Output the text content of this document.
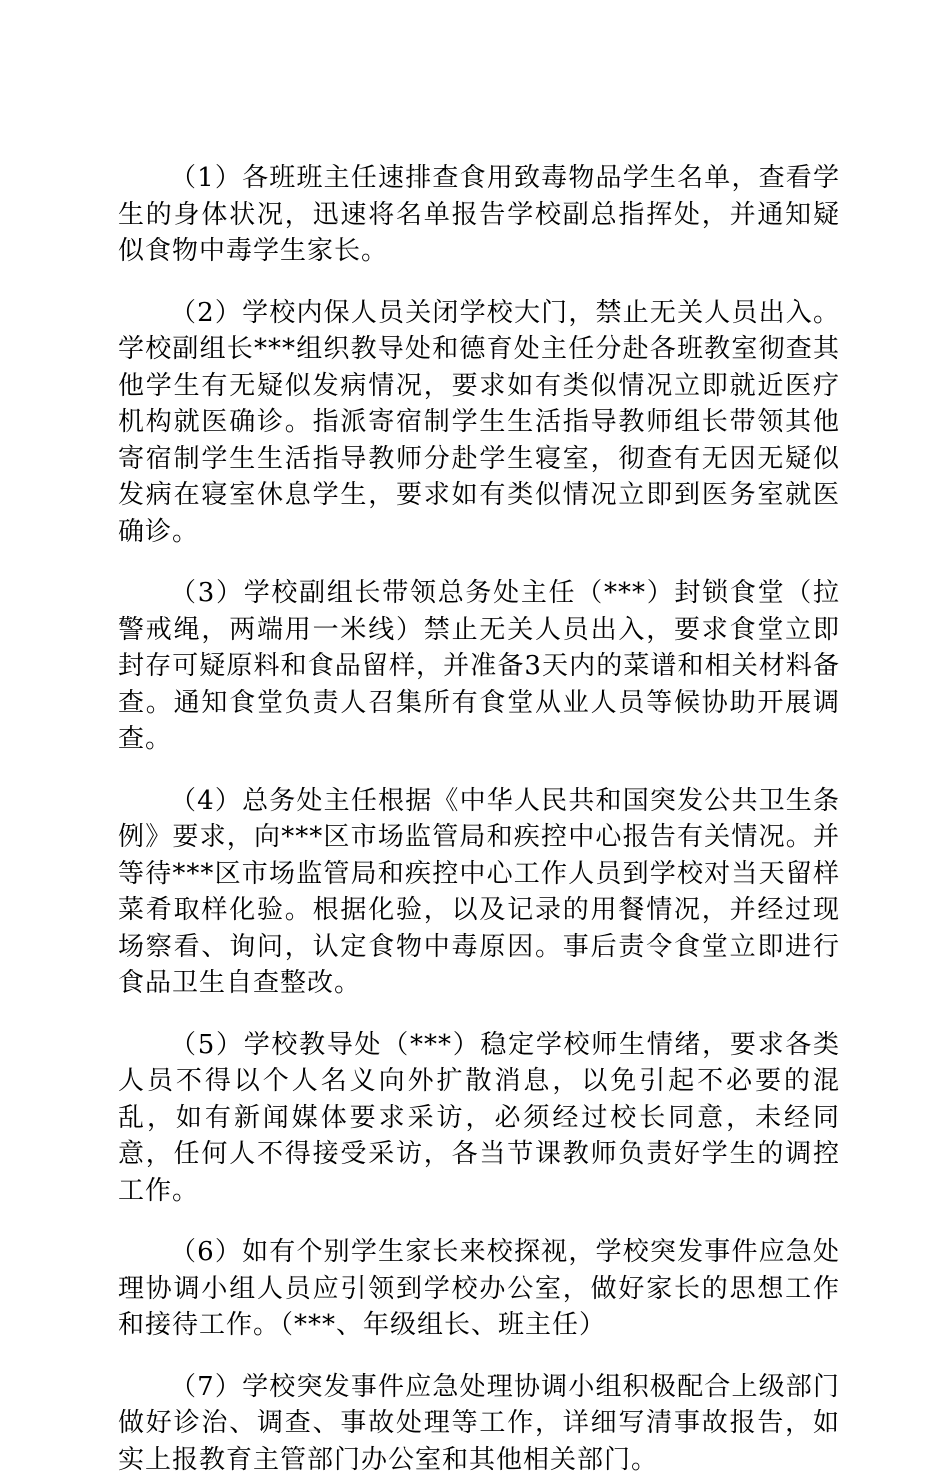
（1）各班班主任速排查食用致毒物品学生名单，查看学生的身体状况，迅速将名单报告学校副总指挥处，并通知疑似食物中毒学生家长。

（2）学校内保人员关闭学校大门，禁止无关人员出入。学校副组长***组织教导处和德育处主任分赴各班教室彻查其他学生有无疑似发病情况，要求如有类似情况立即就近医疗机构就医确诊。指派寄宿制学生生活指导教师组长带领其他寄宿制学生生活指导教师分赴学生寝室，彻查有无因无疑似发病在寝室休息学生，要求如有类似情况立即到医务室就医确诊。

（3）学校副组长带领总务处主任（***）封锁食堂（拉警戒绳，两端用一米线）禁止无关人员出入，要求食堂立即封存可疑原料和食品留样，并准备3天内的菜谱和相关材料备查。通知食堂负责人召集所有食堂从业人员等候协助开展调查。

（4）总务处主任根据《中华人民共和国突发公共卫生条例》要求，向***区市场监管局和疾控中心报告有关情况。并等待***区市场监管局和疾控中心工作人员到学校对当天留样菜肴取样化验。根据化验，以及记录的用餐情况，并经过现场察看、询问，认定食物中毒原因。事后责令食堂立即进行食品卫生自查整改。

（5）学校教导处（***）稳定学校师生情绪，要求各类人员不得以个人名义向外扩散消息，以免引起不必要的混乱，如有新闻媒体要求采访，必须经过校长同意，未经同意，任何人不得接受采访，各当节课教师负责好学生的调控工作。

（6）如有个别学生家长来校探视，学校突发事件应急处理协调小组人员应引领到学校办公室，做好家长的思想工作和接待工作。（***、年级组长、班主任）

（7）学校突发事件应急处理协调小组积极配合上级部门做好诊治、调查、事故处理等工作，详细写清事故报告，如实上报教育主管部门办公室和其他相关部门。
